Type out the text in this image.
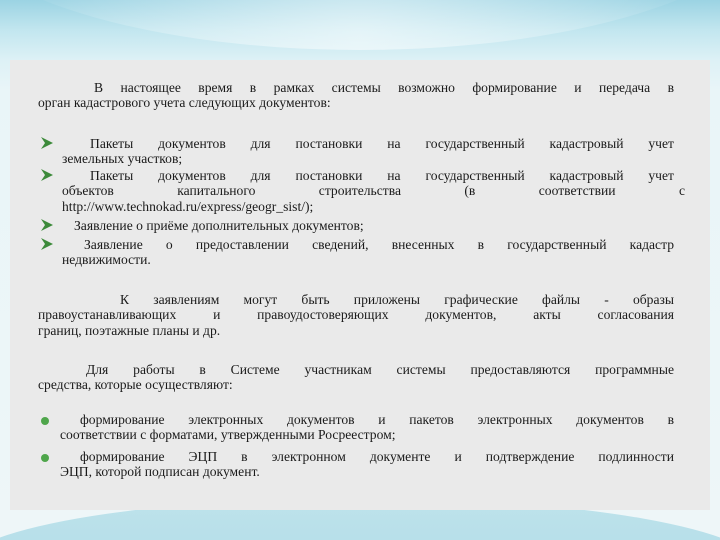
В настоящее время в рамках системы возможно формирование и передача в
орган кадастрового учета следующих документов:
Пакеты документов для постановки на государственный кадастровый учет
земельных участков;
Пакеты документов для постановки на государственный кадастровый учет
объектов капитального строительства (в соответствии с
http://www.technokad.ru/express/geogr_sist/);
Заявление о приёме дополнительных документов;
Заявление о предоставлении сведений, внесенных в государственный кадастр
недвижимости.
К заявлениям могут быть приложены графические файлы - образы
правоустанавливающих и правоудостоверяющих документов, акты согласования
границ, поэтажные планы и др.
Для работы в Системе участникам системы предоставляются программные
средства, которые осуществляют:
формирование электронных документов и пакетов электронных документов в
соответствии с форматами, утвержденными Росреестром;
формирование ЭЦП в электронном документе и подтверждение подлинности
ЭЦП, которой подписан документ.
